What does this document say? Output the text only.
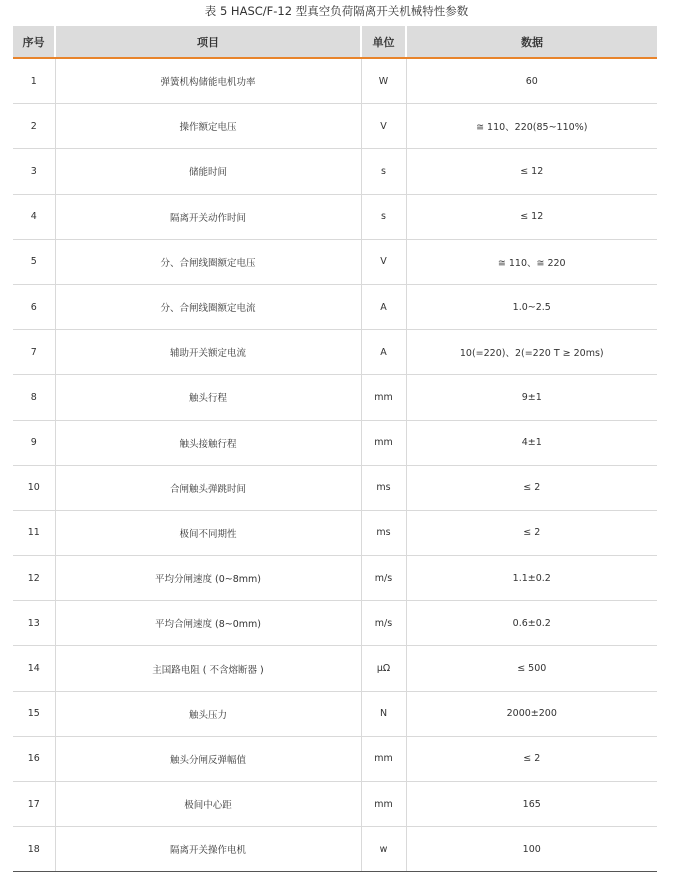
表 5 HASC/F-12 型真空负荷隔离开关机械特性参数
序号	项目	单位	数据
1	弹簧机构储能电机功率	W	60
2	操作额定电压	V	≅ 110、220(85~110%)
3	储能时间	s	≤ 12
4	隔离开关动作时间	s	≤ 12
5	分、合闸线圈额定电压	V	≅ 110、≅ 220
6	分、合闸线圈额定电流	A	1.0~2.5
7	辅助开关额定电流	A	10(=220)、2(=220 T ≥ 20ms)
8	触头行程	mm	9±1
9	触头接触行程	mm	4±1
10	合闸触头弹跳时间	ms	≤ 2
11	极间不同期性	ms	≤ 2
12	平均分闸速度 (0~8mm)	m/s	1.1±0.2
13	平均合闸速度 (8~0mm)	m/s	0.6±0.2
14	主国路电阻 ( 不含熔断器 )	μΩ	≤ 500
15	触头压力	N	2000±200
16	触头分闸反弹幅值	mm	≤ 2
17	极间中心距	mm	165
18	隔离开关操作电机	w	100
